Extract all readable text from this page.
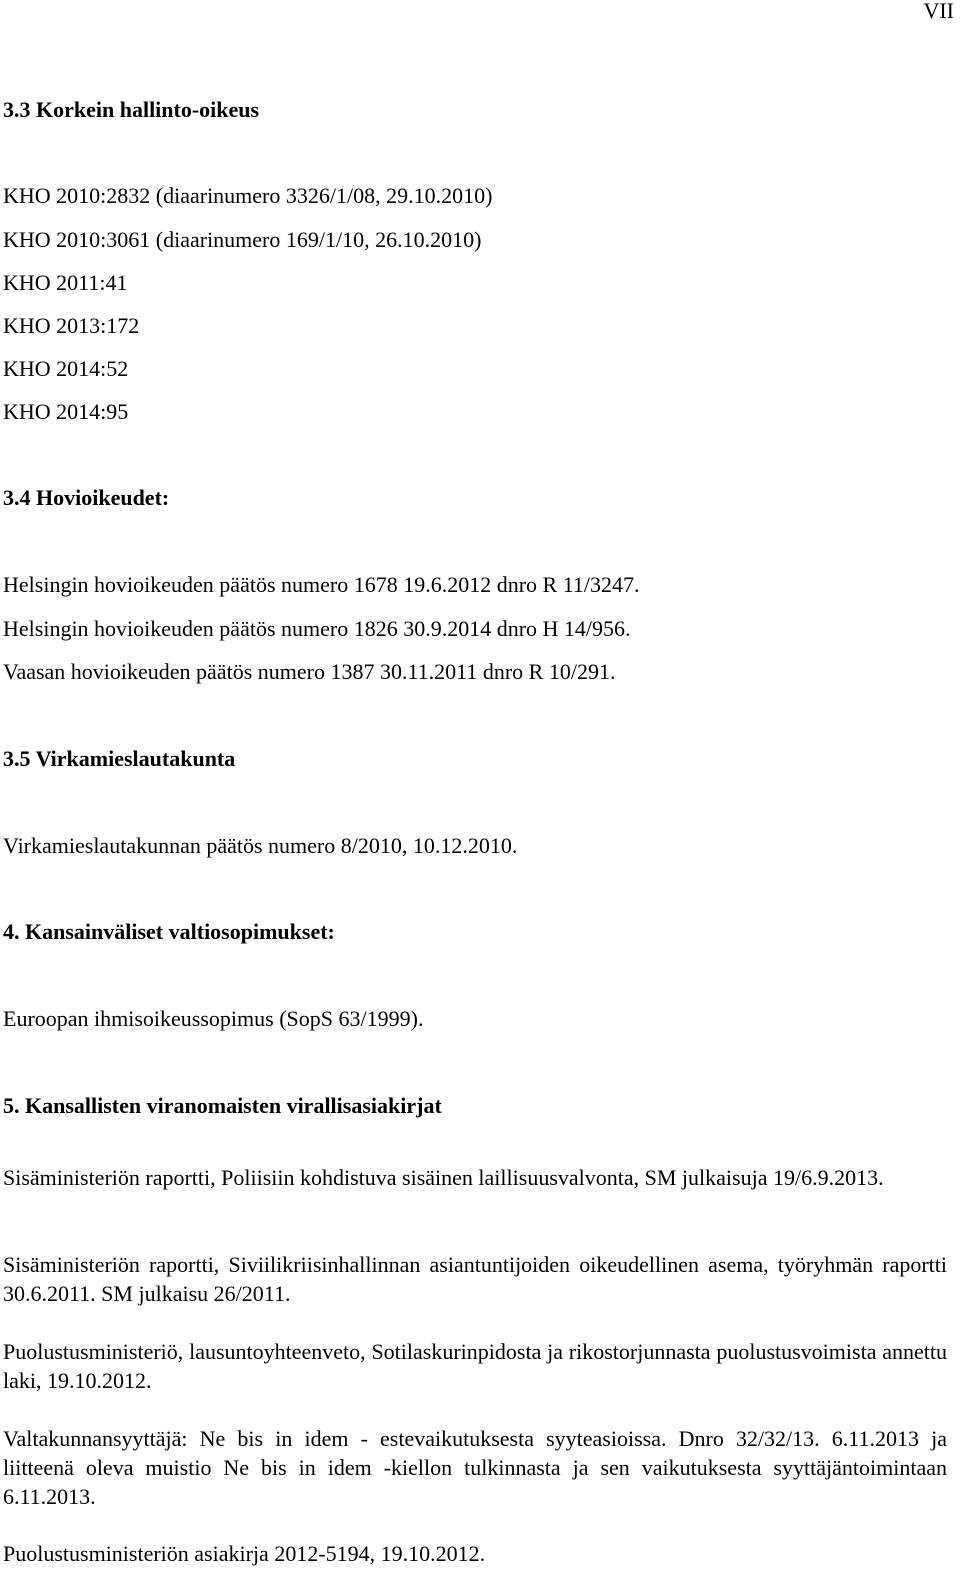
VII
3.3 Korkein hallinto-oikeus
KHO 2010:2832 (diaarinumero 3326/1/08, 29.10.2010)
KHO 2010:3061 (diaarinumero 169/1/10, 26.10.2010)
KHO 2011:41
KHO 2013:172
KHO 2014:52
KHO 2014:95
3.4 Hovioikeudet:
Helsingin hovioikeuden päätös numero 1678 19.6.2012 dnro R 11/3247.
Helsingin hovioikeuden päätös numero 1826 30.9.2014 dnro H 14/956.
Vaasan hovioikeuden päätös numero 1387 30.11.2011 dnro R 10/291.
3.5 Virkamieslautakunta
Virkamieslautakunnan päätös numero 8/2010, 10.12.2010.
4. Kansainväliset valtiosopimukset:
Euroopan ihmisoikeussopimus (SopS 63/1999).
5. Kansallisten viranomaisten virallisasiakirjat
Sisäministeriön raportti, Poliisiin kohdistuva sisäinen laillisuusvalvonta, SM julkaisuja 19/6.9.2013.
Sisäministeriön raportti, Siviilikriisinhallinnan asiantuntijoiden oikeudellinen asema, työryhmän raportti 30.6.2011. SM julkaisu 26/2011.
Puolustusministeriö, lausuntoyhteenveto, Sotilaskurinpidosta ja rikostorjunnasta puolustusvoimista annettu laki, 19.10.2012.
Valtakunnansyyttäjä: Ne bis in idem - estevaikutuksesta syyteasioissa. Dnro 32/32/13. 6.11.2013 ja liitteenä oleva muistio Ne bis in idem -kiellon tulkinnasta ja sen vaikutuksesta syyttäjäntoimintaan 6.11.2013.
Puolustusministeriön asiakirja 2012-5194, 19.10.2012.
